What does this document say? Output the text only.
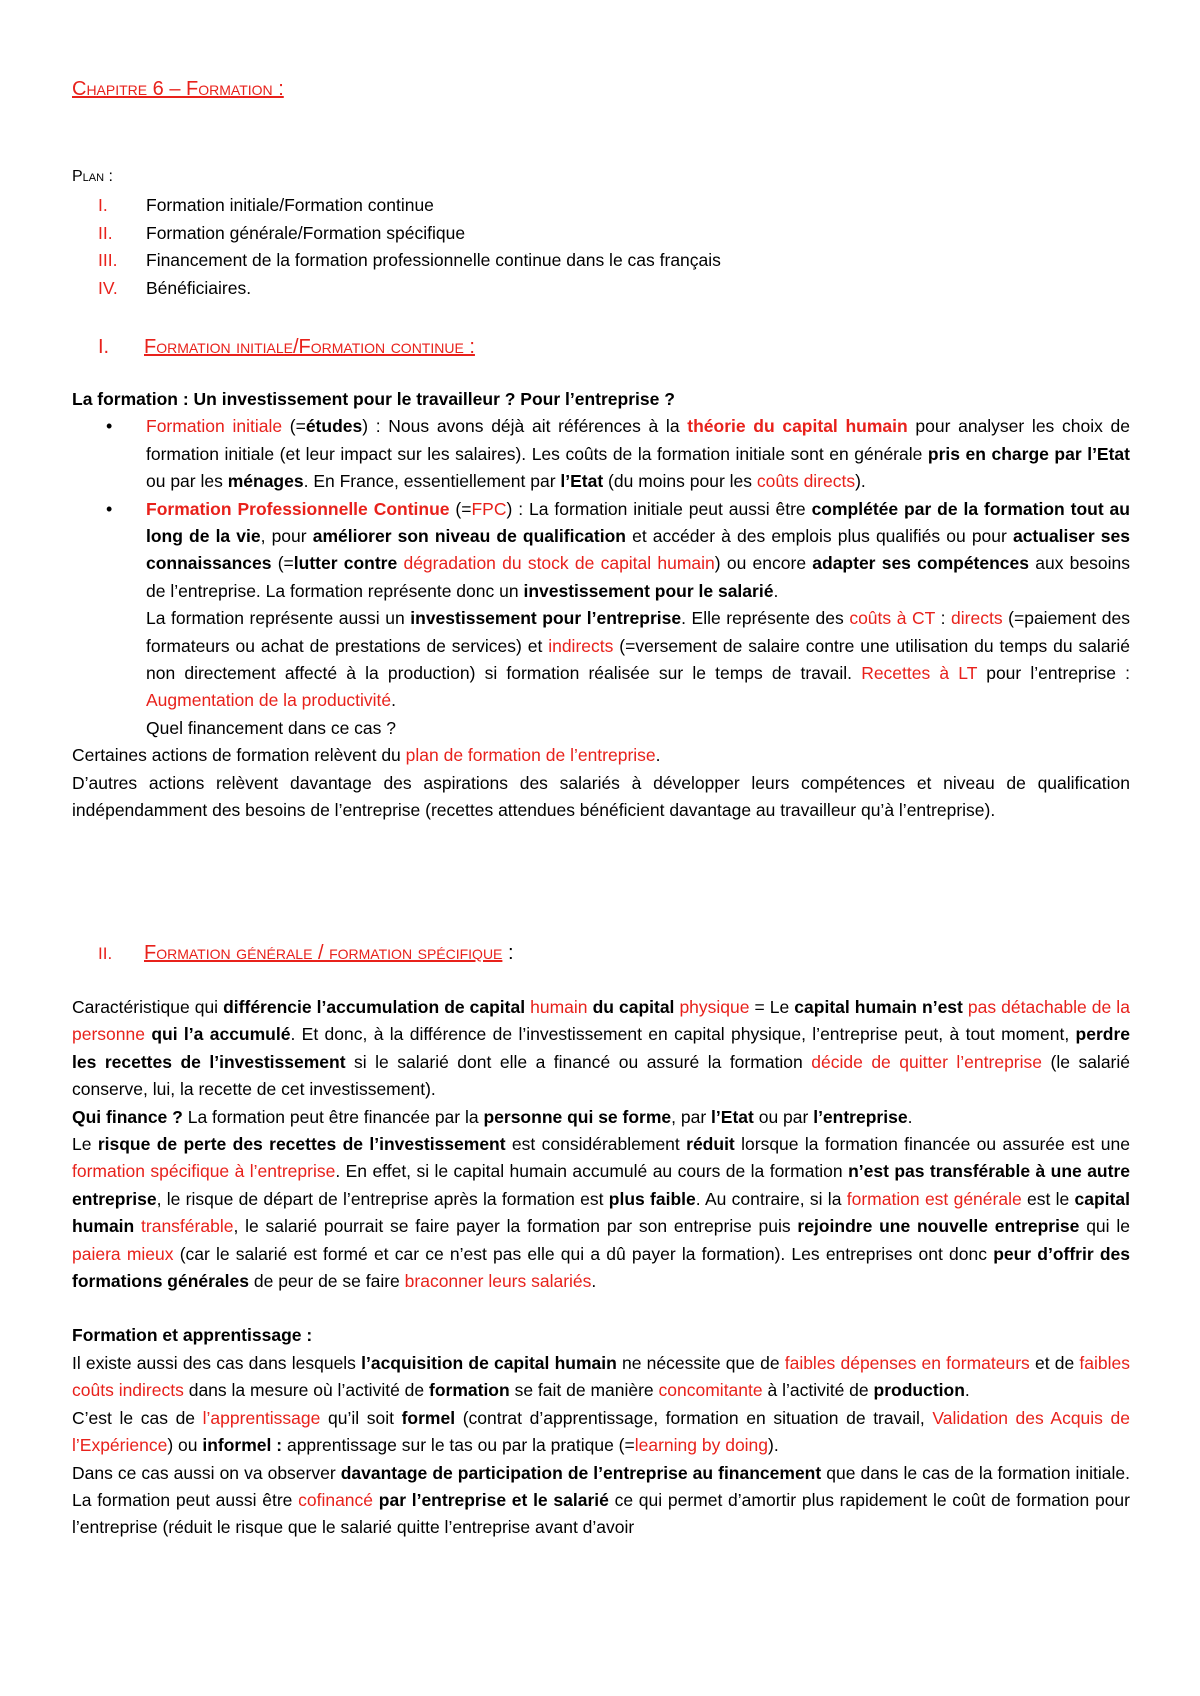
Chapitre 6 – Formation :
Plan :
I.	Formation initiale/Formation continue
II.	Formation générale/Formation spécifique
III.	Financement de la formation professionnelle continue dans le cas français
IV.	Bénéficiaires.
I. Formation initiale/Formation continue :

La formation : Un investissement pour le travailleur ? Pour l’entreprise ?

• Formation initiale (=études) : Nous avons déjà ait références à la théorie du capital humain pour analyser les choix de formation initiale (et leur impact sur les salaires). Les coûts de la formation initiale sont en générale pris en charge par l’Etat ou par les ménages. En France, essentiellement par l’Etat (du moins pour les coûts directs).
• Formation Professionnelle Continue (=FPC) : La formation initiale peut aussi être complétée par de la formation tout au long de la vie, pour améliorer son niveau de qualification et accéder à des emplois plus qualifiés ou pour actualiser ses connaissances (=lutter contre dégradation du stock de capital humain) ou encore adapter ses compétences aux besoins de l’entreprise. La formation représente donc un investissement pour le salarié.

La formation représente aussi un investissement pour l’entreprise. Elle représente des coûts à CT : directs (=paiement des formateurs ou achat de prestations de services) et indirects (=versement de salaire contre une utilisation du temps du salarié non directement affecté à la production) si formation réalisée sur le temps de travail. Recettes à LT pour l’entreprise : Augmentation de la productivité.

Quel financement dans ce cas ?

Certaines actions de formation relèvent du plan de formation de l’entreprise.

D’autres actions relèvent davantage des aspirations des salariés à développer leurs compétences et niveau de qualification indépendamment des besoins de l’entreprise (recettes attendues bénéficient davantage au travailleur qu’à l’entreprise).

II. Formation générale / formation spécifique :

Caractéristique qui différencie l’accumulation de capital humain du capital physique = Le capital humain n’est pas détachable de la personne qui l’a accumulé. Et donc, à la différence de l’investissement en capital physique, l’entreprise peut, à tout moment, perdre les recettes de l’investissement si le salarié dont elle a financé ou assuré la formation décide de quitter l’entreprise (le salarié conserve, lui, la recette de cet investissement).

Qui finance ? La formation peut être financée par la personne qui se forme, par l’Etat ou par l’entreprise.

Le risque de perte des recettes de l’investissement est considérablement réduit lorsque la formation financée ou assurée est une formation spécifique à l’entreprise. En effet, si le capital humain accumulé au cours de la formation n’est pas transférable à une autre entreprise, le risque de départ de l’entreprise après la formation est plus faible. Au contraire, si la formation est générale est le capital humain transférable, le salarié pourrait se faire payer la formation par son entreprise puis rejoindre une nouvelle entreprise qui le paiera mieux (car le salarié est formé et car ce n’est pas elle qui a dû payer la formation). Les entreprises ont donc peur d’offrir des formations générales de peur de se faire braconner leurs salariés.

Formation et apprentissage :

Il existe aussi des cas dans lesquels l’acquisition de capital humain ne nécessite que de faibles dépenses en formateurs et de faibles coûts indirects dans la mesure où l’activité de formation se fait de manière concomitante à l’activité de production.

C’est le cas de l’apprentissage qu’il soit formel (contrat d’apprentissage, formation en situation de travail, Validation des Acquis de l’Expérience) ou informel : apprentissage sur le tas ou par la pratique (=learning by doing).

Dans ce cas aussi on va observer davantage de participation de l’entreprise au financement que dans le cas de la formation initiale. La formation peut aussi être cofinancé par l’entreprise et le salarié ce qui permet d’amortir plus rapidement le coût de formation pour l’entreprise (réduit le risque que le salarié quitte l’entreprise avant d’avoir
